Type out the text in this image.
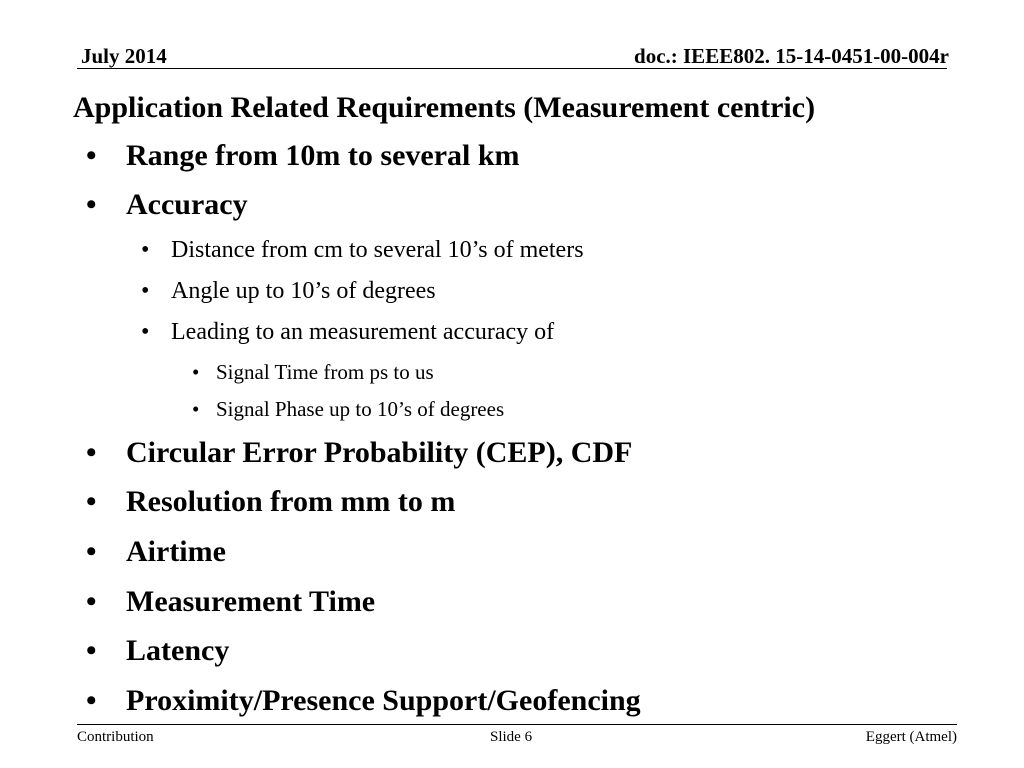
July 2014	doc.: IEEE802. 15-14-0451-00-004r
Application Related Requirements (Measurement centric)
• Range from 10m to several km
• Accuracy
• Distance from cm to several 10’s of meters
• Angle up to 10’s of degrees
• Leading to an measurement accuracy of
• Signal Time from ps to us
• Signal Phase up to 10’s of degrees
• Circular Error Probability (CEP), CDF
• Resolution from mm to m
• Airtime
• Measurement Time
• Latency
• Proximity/Presence Support/Geofencing
Contribution	Slide 6	Eggert (Atmel)
